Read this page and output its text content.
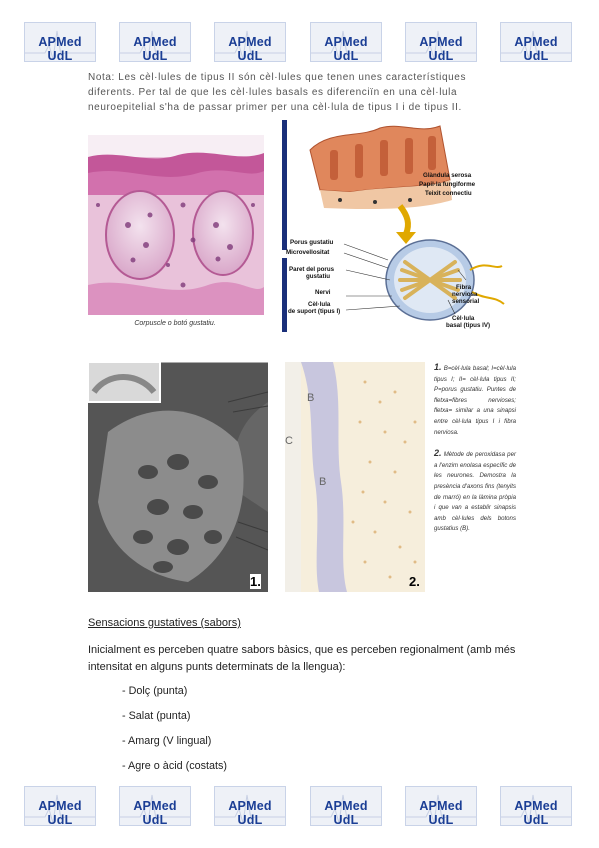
APMed UdL
APMed UdL
APMed UdL
APMed UdL
APMed UdL
APMed UdL

Nota: Les cèl·lules de tipus II són cèl·lules que tenen unes característiques diferents. Per tal de que les cèl·lules basals es diferenciïn en una cèl·lula neuroepitelial s'ha de passar primer per una cèl·lula de tipus I i de tipus II.

Corpuscle o botó gustatiu.
Glàndula serosa
Papil·la fungiforme
Teixit connectiu
Porus gustatiu
Microvellositat
Paret del porus
gustatiu
Nervi
Cèl·lula
de suport (tipus I)
Fibra
nerviosa
sensorial
Cèl·lula
basal (tipus IV)
1.
B
C
B
2.

1. B=cèl·lula basal; I=cèl·lula tipus I; II= cèl·lula tipus II; P=porus gustatiu. Puntes de fletxa=fibres nervioses; fletxa= similar a una sinapsi entre cèl·lula tipus I i fibra nerviosa.

2. Mètode de peroxidasa per a l'enzim enolasa específic de les neurones. Demostra la presència d'axons fins (tenyits de marró) en la làmina pròpia i que van a establir sinapsis amb cèl·lules dels botons gustatius (B).

Sensacions gustatives (sabors)

Inicialment es perceben quatre sabors bàsics, que es perceben regionalment (amb més intensitat en alguns punts determinats de la llengua):

- Dolç (punta)
- Salat (punta)
- Amarg (V lingual)
- Agre o àcid (costats)
APMed UdL
APMed UdL
APMed UdL
APMed UdL
APMed UdL
APMed UdL
